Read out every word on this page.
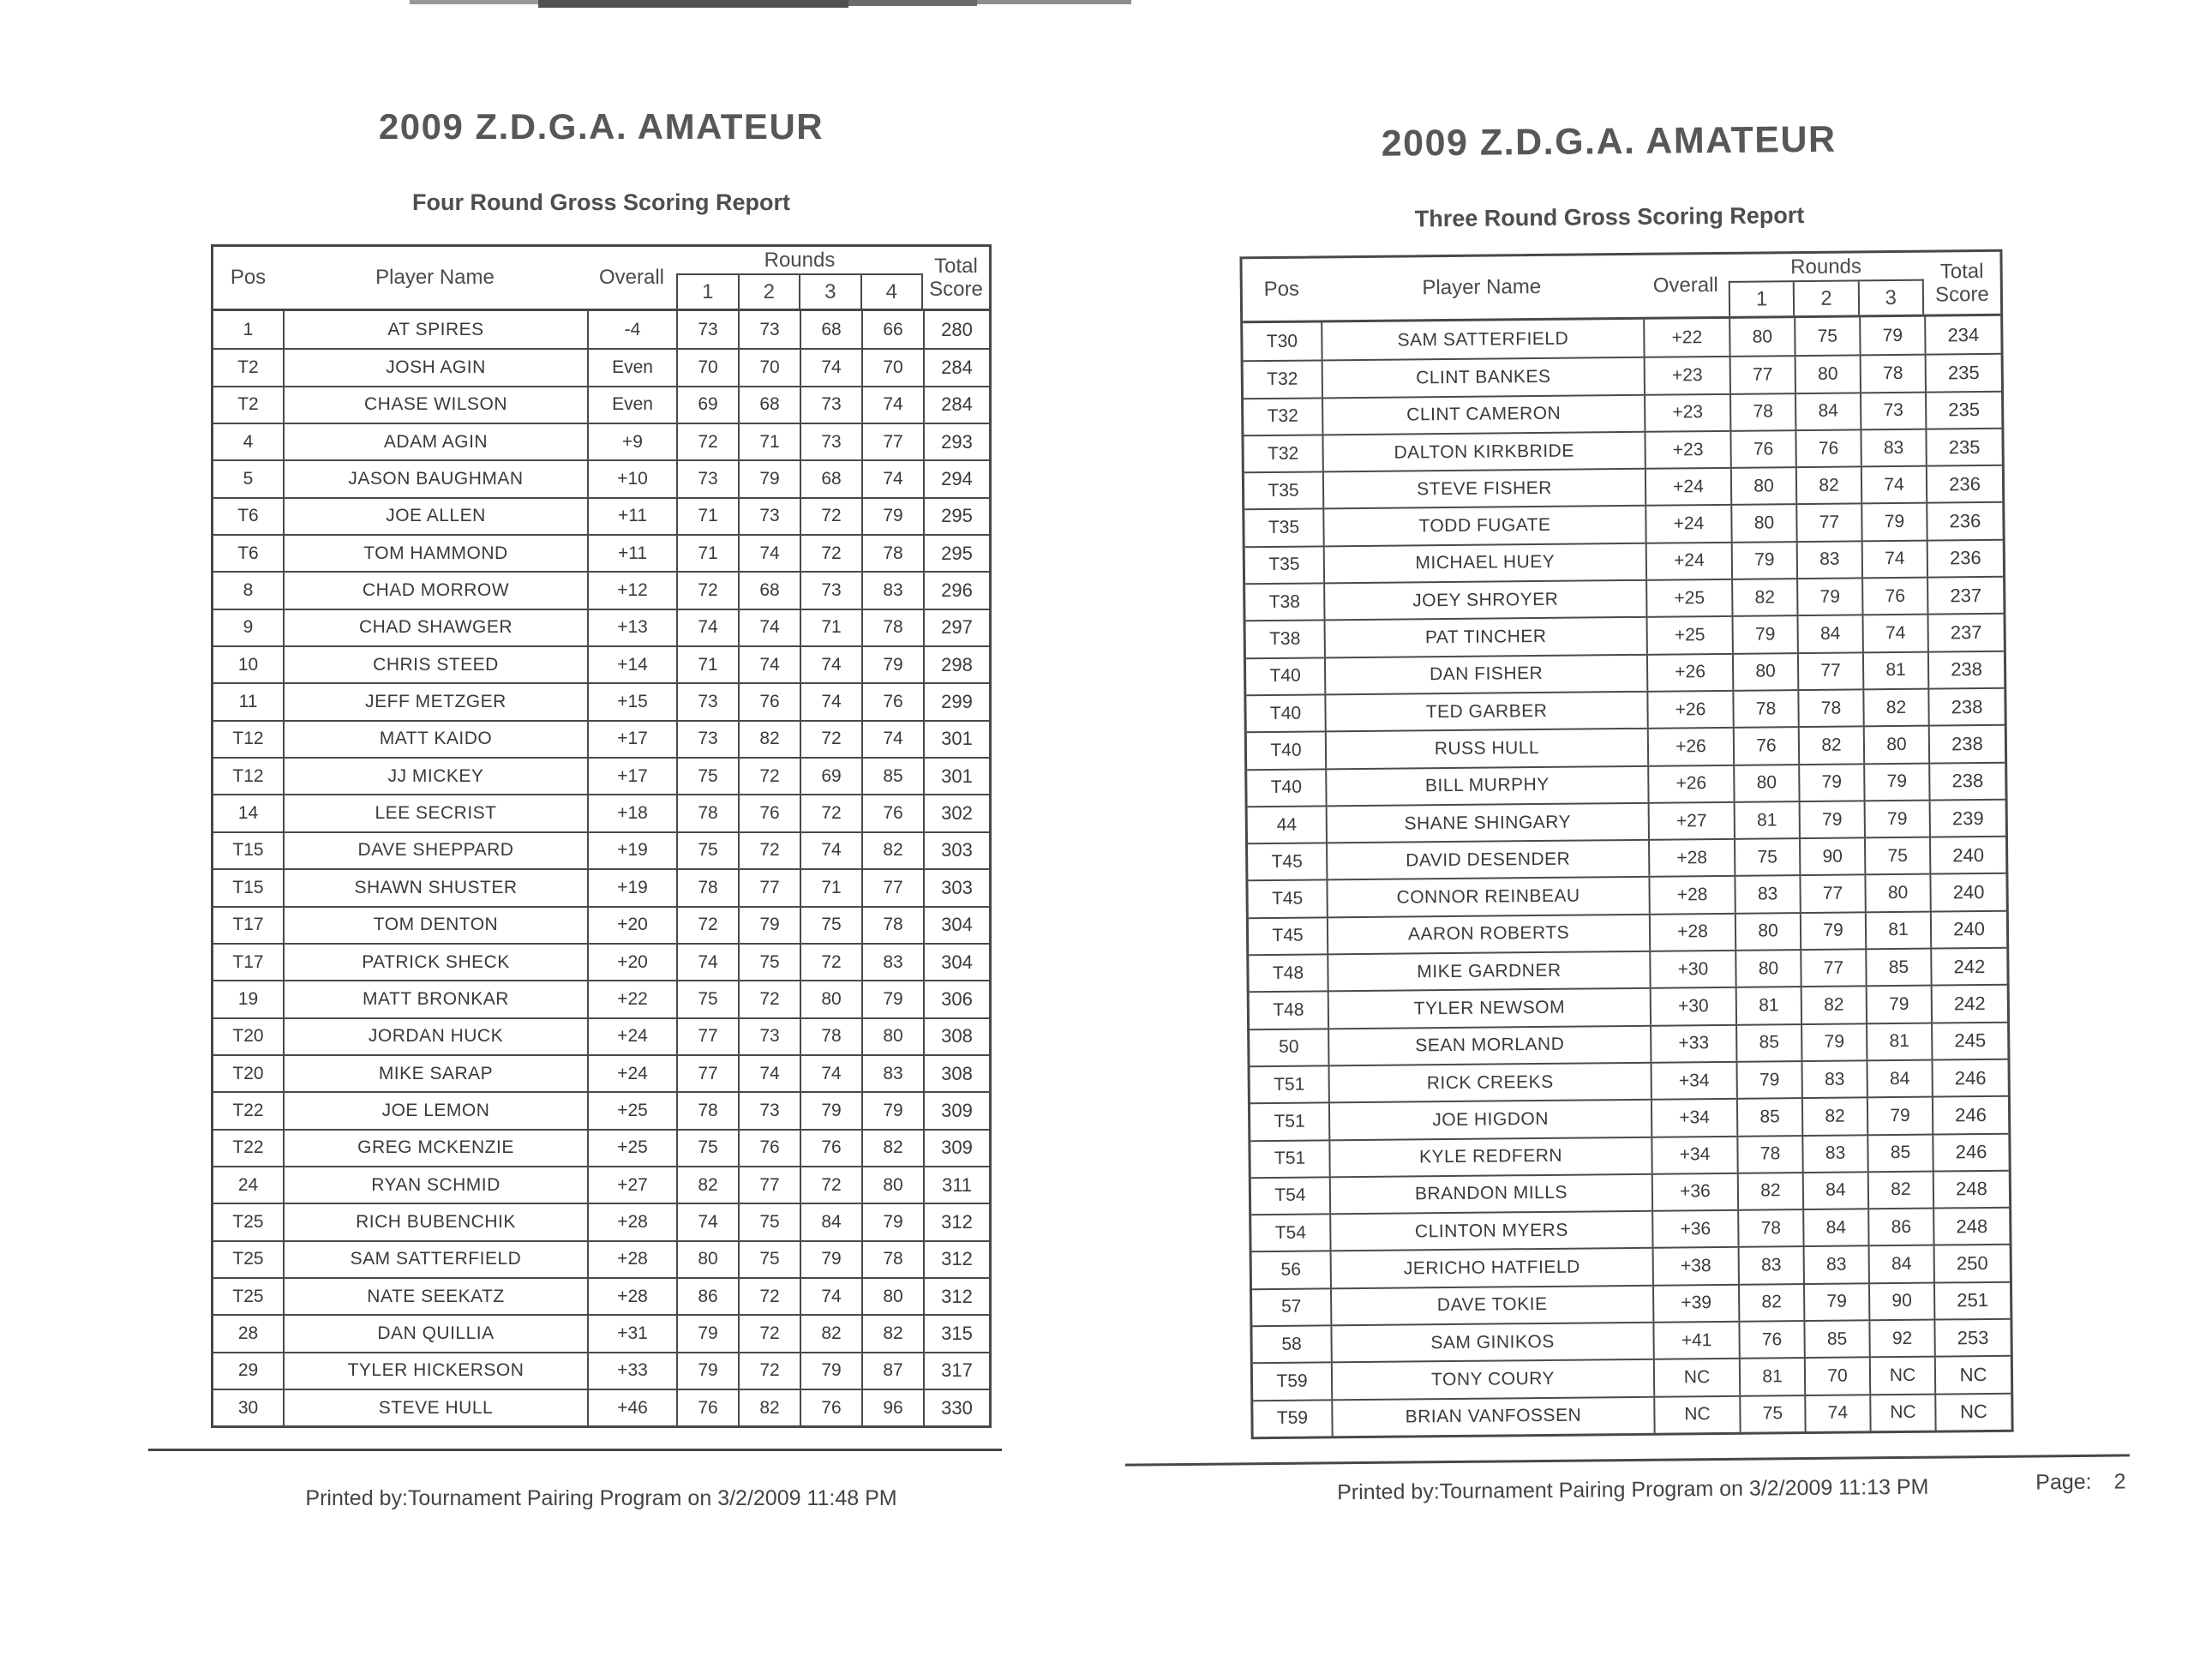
2009 Z.D.G.A. AMATEUR
Four Round Gross Scoring Report
Pos	Player Name	Overall
Rounds
1	2	3	4
Total
Score
1	AT SPIRES	-4	73	73	68	66	280
T2	JOSH AGIN	Even	70	70	74	70	284
T2	CHASE WILSON	Even	69	68	73	74	284
4	ADAM AGIN	+9	72	71	73	77	293
5	JASON BAUGHMAN	+10	73	79	68	74	294
T6	JOE ALLEN	+11	71	73	72	79	295
T6	TOM HAMMOND	+11	71	74	72	78	295
8	CHAD MORROW	+12	72	68	73	83	296
9	CHAD SHAWGER	+13	74	74	71	78	297
10	CHRIS STEED	+14	71	74	74	79	298
11	JEFF METZGER	+15	73	76	74	76	299
T12	MATT KAIDO	+17	73	82	72	74	301
T12	JJ MICKEY	+17	75	72	69	85	301
14	LEE SECRIST	+18	78	76	72	76	302
T15	DAVE SHEPPARD	+19	75	72	74	82	303
T15	SHAWN SHUSTER	+19	78	77	71	77	303
T17	TOM DENTON	+20	72	79	75	78	304
T17	PATRICK SHECK	+20	74	75	72	83	304
19	MATT BRONKAR	+22	75	72	80	79	306
T20	JORDAN HUCK	+24	77	73	78	80	308
T20	MIKE SARAP	+24	77	74	74	83	308
T22	JOE LEMON	+25	78	73	79	79	309
T22	GREG MCKENZIE	+25	75	76	76	82	309
24	RYAN SCHMID	+27	82	77	72	80	311
T25	RICH BUBENCHIK	+28	74	75	84	79	312
T25	SAM SATTERFIELD	+28	80	75	79	78	312
T25	NATE SEEKATZ	+28	86	72	74	80	312
28	DAN QUILLIA	+31	79	72	82	82	315
29	TYLER HICKERSON	+33	79	72	79	87	317
30	STEVE HULL	+46	76	82	76	96	330
Printed by:Tournament Pairing Program on 3/2/2009 11:48 PM
2009 Z.D.G.A. AMATEUR
Three Round Gross Scoring Report
Pos	Player Name	Overall
Rounds
1	2	3
Total
Score
T30	SAM SATTERFIELD	+22	80	75	79	234
T32	CLINT BANKES	+23	77	80	78	235
T32	CLINT CAMERON	+23	78	84	73	235
T32	DALTON KIRKBRIDE	+23	76	76	83	235
T35	STEVE FISHER	+24	80	82	74	236
T35	TODD FUGATE	+24	80	77	79	236
T35	MICHAEL HUEY	+24	79	83	74	236
T38	JOEY SHROYER	+25	82	79	76	237
T38	PAT TINCHER	+25	79	84	74	237
T40	DAN FISHER	+26	80	77	81	238
T40	TED GARBER	+26	78	78	82	238
T40	RUSS HULL	+26	76	82	80	238
T40	BILL MURPHY	+26	80	79	79	238
44	SHANE SHINGARY	+27	81	79	79	239
T45	DAVID DESENDER	+28	75	90	75	240
T45	CONNOR REINBEAU	+28	83	77	80	240
T45	AARON ROBERTS	+28	80	79	81	240
T48	MIKE GARDNER	+30	80	77	85	242
T48	TYLER NEWSOM	+30	81	82	79	242
50	SEAN MORLAND	+33	85	79	81	245
T51	RICK CREEKS	+34	79	83	84	246
T51	JOE HIGDON	+34	85	82	79	246
T51	KYLE REDFERN	+34	78	83	85	246
T54	BRANDON MILLS	+36	82	84	82	248
T54	CLINTON MYERS	+36	78	84	86	248
56	JERICHO HATFIELD	+38	83	83	84	250
57	DAVE TOKIE	+39	82	79	90	251
58	SAM GINIKOS	+41	76	85	92	253
T59	TONY COURY	NC	81	70	NC	NC
T59	BRIAN VANFOSSEN	NC	75	74	NC	NC
Printed by:Tournament Pairing Program on 3/2/2009 11:13 PM	Page: 2
